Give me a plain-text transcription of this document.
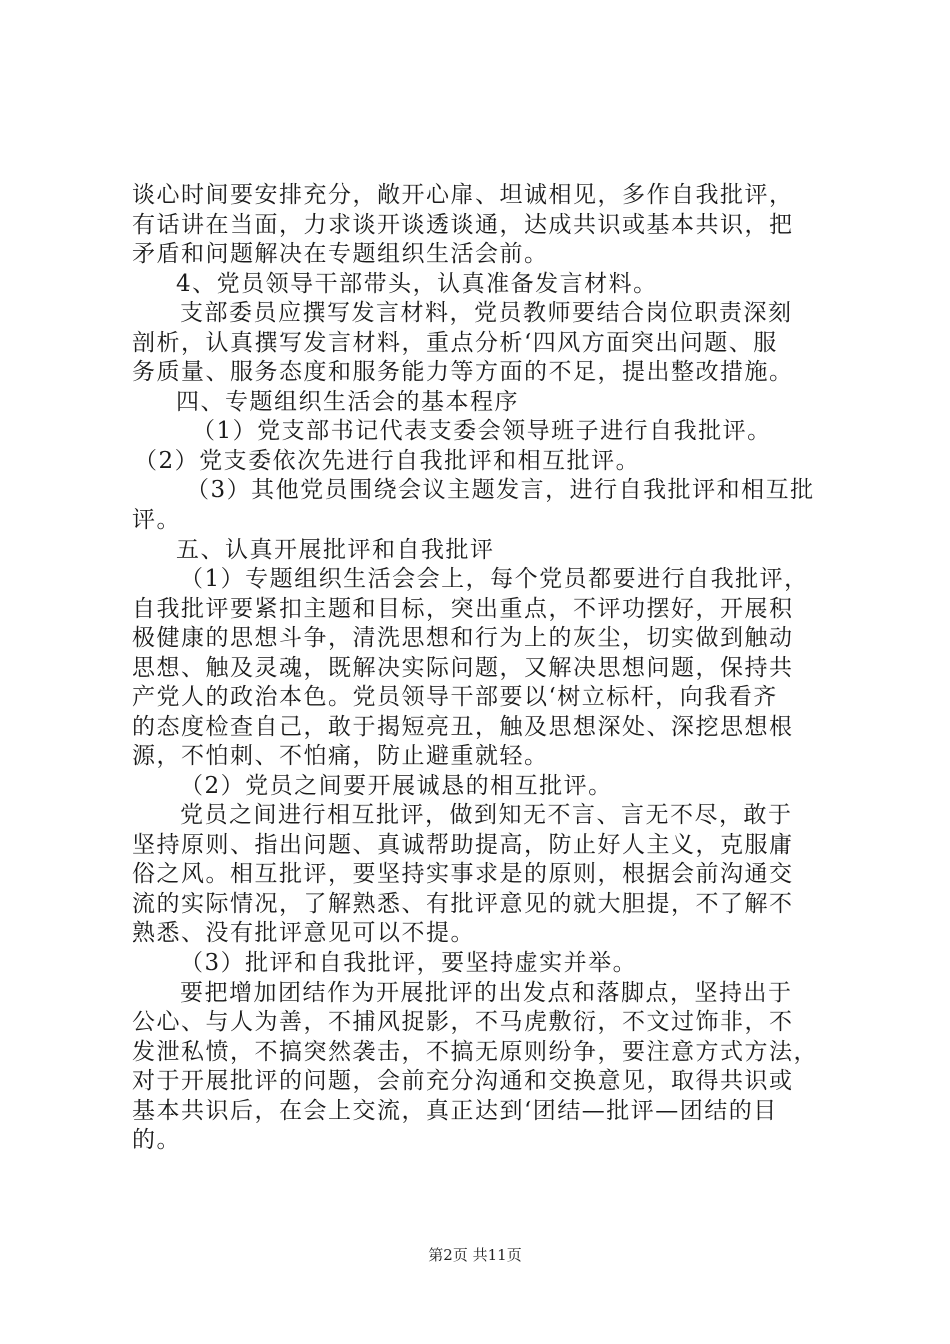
谈心时间要安排充分，敞开心扉、坦诚相见，多作自我批评，
有话讲在当面，力求谈开谈透谈通，达成共识或基本共识，把
矛盾和问题解决在专题组织生活会前。
4、党员领导干部带头，认真准备发言材料。
支部委员应撰写发言材料，党员教师要结合岗位职责深刻
剖析，认真撰写发言材料，重点分析‘四风方面突出问题、服
务质量、服务态度和服务能力等方面的不足，提出整改措施。
四、专题组织生活会的基本程序
（1）党支部书记代表支委会领导班子进行自我批评。
（2）党支委依次先进行自我批评和相互批评。
（3）其他党员围绕会议主题发言，进行自我批评和相互批
评。
五、认真开展批评和自我批评
（1）专题组织生活会会上，每个党员都要进行自我批评，
自我批评要紧扣主题和目标，突出重点，不评功摆好，开展积
极健康的思想斗争，清洗思想和行为上的灰尘，切实做到触动
思想、触及灵魂，既解决实际问题，又解决思想问题，保持共
产党人的政治本色。党员领导干部要以‘树立标杆，向我看齐
的态度检查自己，敢于揭短亮丑，触及思想深处、深挖思想根
源，不怕刺、不怕痛，防止避重就轻。
（2）党员之间要开展诚恳的相互批评。
党员之间进行相互批评，做到知无不言、言无不尽，敢于
坚持原则、指出问题、真诚帮助提高，防止好人主义，克服庸
俗之风。相互批评，要坚持实事求是的原则，根据会前沟通交
流的实际情况，了解熟悉、有批评意见的就大胆提，不了解不
熟悉、没有批评意见可以不提。
（3）批评和自我批评，要坚持虚实并举。
要把增加团结作为开展批评的出发点和落脚点，坚持出于
公心、与人为善，不捕风捉影，不马虎敷衍，不文过饰非，不
发泄私愤，不搞突然袭击，不搞无原则纷争，要注意方式方法，
对于开展批评的问题，会前充分沟通和交换意见，取得共识或
基本共识后，在会上交流，真正达到‘团结—批评—团结的目
的。
第2页 共11页
